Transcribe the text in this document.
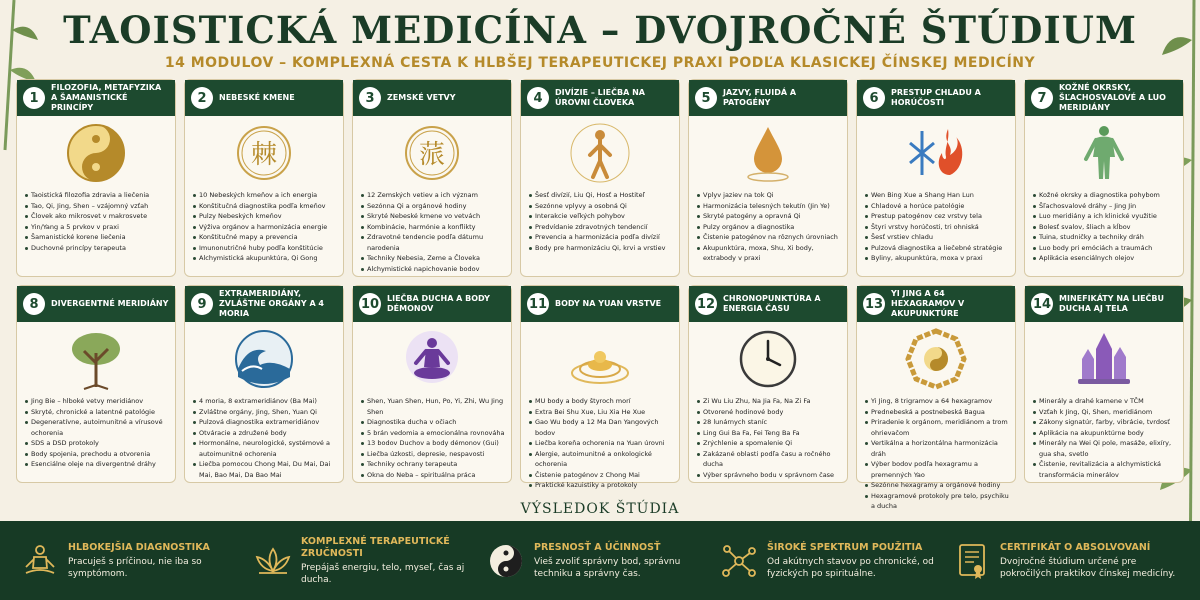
TAOISTICKÁ MEDICÍNA – DVOJROČNÉ ŠTÚDIUM
14 MODULOV – KOMPLEXNÁ CESTA K HLBŠEJ TERAPEUTICKEJ PRAXI PODĽA KLASICKEJ ČÍNSKEJ MEDICÍNY
1
FILOZOFIA, METAFYZIKA A ŠAMANISTICKÉ PRINCÍPY
Taoistická filozofia zdravia a liečenia
Tao, Qi, Jing, Shen – vzájomný vzťah
Človek ako mikrosvet v makrosvete
Yin/Yang a 5 prvkov v praxi
Šamanistické korene liečenia
Duchovné princípy terapeuta
2	NEBESKÉ KMENE
棘
10 Nebeských kmeňov a ich energia
Konštitučná diagnostika podľa kmeňov
Pulzy Nebeských kmeňov
Výživa orgánov a harmonizácia energie
Konštitučné mapy a prevencia
Imunonutričné huby podľa konštitúcie
Alchymistická akupunktúra, Qi Gong
3	ZEMSKÉ VETVY
蒎
12 Zemských vetiev a ich význam
Sezónna Qi a orgánové hodiny
Skryté Nebeské kmene vo vetvách
Kombinácie, harmónie a konflikty
Zdravotné tendencie podľa dátumu narodenia
Techniky Nebesia, Zeme a Človeka
Alchymistické napichovanie bodov
4	DIVÍZIE – LIEČBA NA ÚROVNI ČLOVEKA
Šesť divízií, Liu Qi, Hosť a Hostiteľ
Sezónne vplyvy a osobná Qi
Interakcie veľkých pohybov
Predvídanie zdravotných tendencií
Prevencia a harmonizácia podľa divízií
Body pre harmonizáciu Qi, krvi a vrstiev
5	JAZVY, FLUIDÁ A PATOGÉNY
Vplyv jaziev na tok Qi
Harmonizácia telesných tekutín (Jin Ye)
Skryté patogény a opravná Qi
Pulzy orgánov a diagnostika
Čistenie patogénov na rôznych úrovniach
Akupunktúra, moxa, Shu, Xi body, extrabody v praxi
6	PRESTUP CHLADU A HORÚČOSTI
Wen Bing Xue a Shang Han Lun
Chladové a horúce patológie
Prestup patogénov cez vrstvy tela
Štyri vrstvy horúčosti, tri ohniská
Šesť vrstiev chladu
Pulzová diagnostika a liečebné stratégie
Byliny, akupunktúra, moxa v praxi
7
KOŽNÉ OKRSKY, ŠĽACHOSVALOVÉ A LUO MERIDIÁNY
Kožné okrsky a diagnostika pohybom
Šľachosvalové dráhy – Jing Jin
Luo meridiány a ich klinické využitie
Bolesť svalov, šliach a kĺbov
Tuina, studničky a techniky dráh
Luo body pri emóciách a traumách
Aplikácia esenciálnych olejov
8	DIVERGENTNÉ MERIDIÁNY
Jing Bie – hlboké vetvy meridiánov
Skryté, chronické a latentné patológie
Degeneratívne, autoimunitné a vírusové ochorenia
SDS a DSD protokoly
Body spojenia, prechodu a otvorenia
Esenciálne oleje na divergentné dráhy
9
EXTRAMERIDIÁNY, ZVLÁŠTNE ORGÁNY A 4 MORIA
4 moria, 8 extrameridiánov (Ba Mai)
Zvláštne orgány, Jing, Shen, Yuan Qi
Pulzová diagnostika extrameridiánov
Otváracie a združené body
Hormonálne, neurologické, systémové a autoimunitné ochorenia
Liečba pomocou Chong Mai, Du Mai, Dai Mai, Bao Mai, Da Bao Mai
10 LIEČBA DUCHA A BODY DÉMONOV
Shen, Yuan Shen, Hun, Po, Yi, Zhi, Wu Jing Shen
Diagnostika ducha v očiach
5 brán vedomia a emocionálna rovnováha
13 bodov Duchov a body démonov (Gui)
Liečba úzkosti, depresie, nespavosti
Techniky ochrany terapeuta
Okna do Neba – spirituálna práca
11 BODY NA YUAN VRSTVE
MU body a body štyroch morí
Extra Bei Shu Xue, Liu Xia He Xue
Gao Wu body a 12 Ma Dan Yangových bodov
Liečba koreňa ochorenia na Yuan úrovni
Alergie, autoimunitné a onkologické ochorenia
Čistenie patogénov z Chong Mai
Praktické kazuistiky a protokoly
12 CHRONOPUNKTÚRA A ENERGIA ČASU
Zi Wu Liu Zhu, Na Jia Fa, Na Zi Fa
Otvorené hodinové body
28 lunárnych staníc
Ling Gui Ba Fa, Fei Teng Ba Fa
Zrýchlenie a spomalenie Qi
Zakázané oblasti podľa času a ročného ducha
Výber správneho bodu v správnom čase
13
YI JING A 64 HEXAGRAMOV V AKUPUNKTÚRE
Yi Jing, 8 trigramov a 64 hexagramov
Prednebeská a postnebeská Bagua
Priradenie k orgánom, meridiánom a trom ohrievačom
Vertikálna a horizontálna harmonizácia dráh
Výber bodov podľa hexagramu a premenných Yao
Sezónne hexagramy a orgánové hodiny
Hexagramové protokoly pre telo, psychiku a ducha
14 MINEFIKÁTY NA LIEČBU DUCHA AJ TELA
Minerály a drahé kamene v TČM
Vzťah k Jing, Qi, Shen, meridiánom
Zákony signatúr, farby, vibrácie, tvrdosť
Aplikácia na akupunktúrne body
Minerály na Wei Qi pole, masáže, elixíry, gua sha, svetlo
Čistenie, revitalizácia a alchymistická transformácia minerálov
VÝSLEDOK ŠTÚDIA
HLBOKEJŠIA DIAGNOSTIKA
Pracuješ s príčinou, nie iba so symptómom.
KOMPLEXNÉ TERAPEUTICKÉ ZRUČNOSTI
Prepájaš energiu, telo, myseľ, čas aj ducha.
PRESNOSŤ A ÚČINNOSŤ
Vieš zvoliť správny bod, správnu techniku a správny čas.
ŠIROKÉ SPEKTRUM POUŽITIA
Od akútnych stavov po chronické, od fyzických po spirituálne.
CERTIFIKÁT O ABSOLVOVANÍ
Dvojročné štúdium určené pre pokročilých praktikov čínskej medicíny.
